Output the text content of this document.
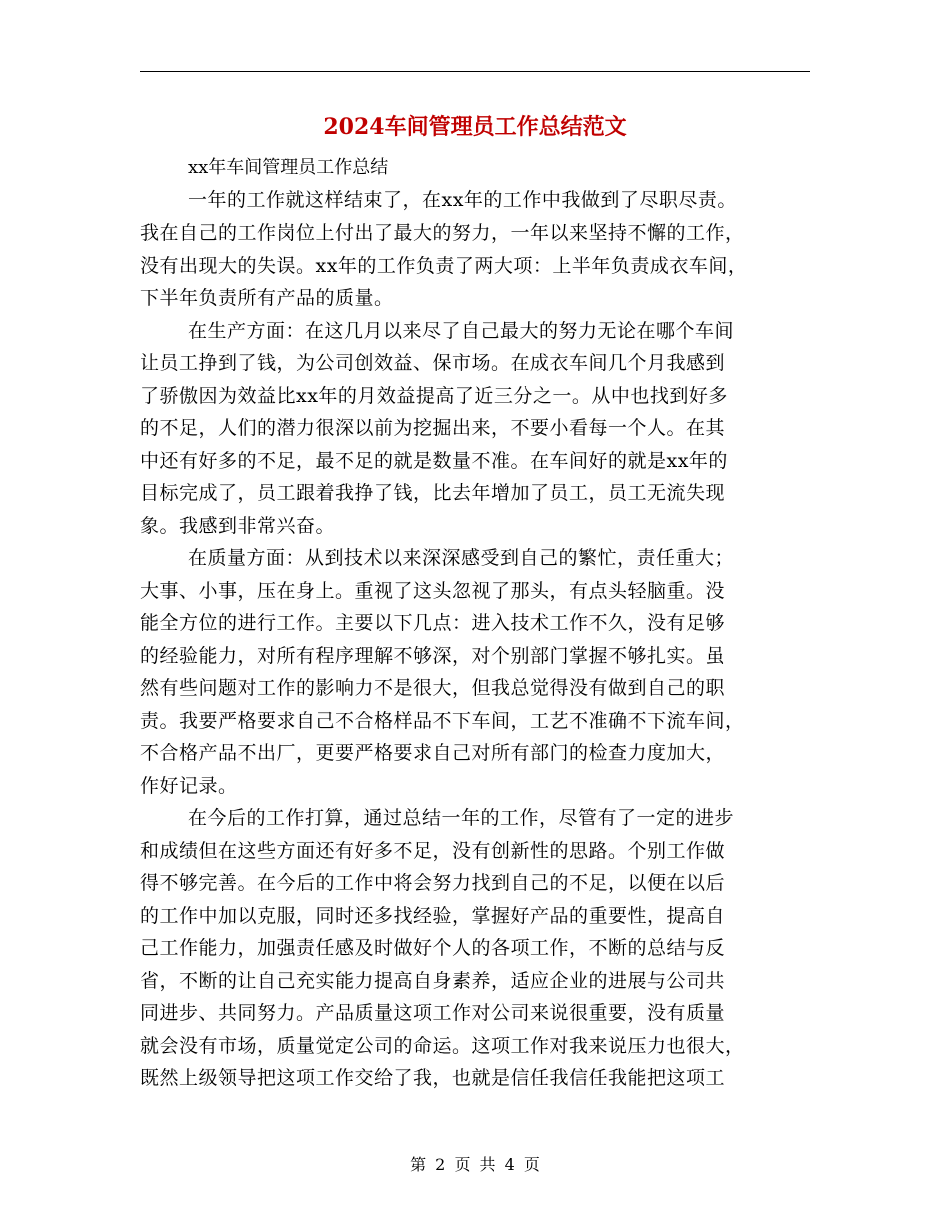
2024车间管理员工作总结范文
xx年车间管理员工作总结
一年的工作就这样结束了，在xx年的工作中我做到了尽职尽责。
我在自己的工作岗位上付出了最大的努力，一年以来坚持不懈的工作，
没有出现大的失误。xx年的工作负责了两大项：上半年负责成衣车间，
下半年负责所有产品的质量。
在生产方面：在这几月以来尽了自己最大的努力无论在哪个车间
让员工挣到了钱，为公司创效益、保市场。在成衣车间几个月我感到
了骄傲因为效益比xx年的月效益提高了近三分之一。从中也找到好多
的不足，人们的潜力很深以前为挖掘出来，不要小看每一个人。在其
中还有好多的不足，最不足的就是数量不准。在车间好的就是xx年的
目标完成了，员工跟着我挣了钱，比去年增加了员工，员工无流失现
象。我感到非常兴奋。
在质量方面：从到技术以来深深感受到自己的繁忙，责任重大；
大事、小事，压在身上。重视了这头忽视了那头，有点头轻脑重。没
能全方位的进行工作。主要以下几点：进入技术工作不久，没有足够
的经验能力，对所有程序理解不够深，对个别部门掌握不够扎实。虽
然有些问题对工作的影响力不是很大，但我总觉得没有做到自己的职
责。我要严格要求自己不合格样品不下车间，工艺不准确不下流车间，
不合格产品不出厂，更要严格要求自己对所有部门的检查力度加大，
作好记录。
在今后的工作打算，通过总结一年的工作，尽管有了一定的进步
和成绩但在这些方面还有好多不足，没有创新性的思路。个别工作做
得不够完善。在今后的工作中将会努力找到自己的不足，以便在以后
的工作中加以克服，同时还多找经验，掌握好产品的重要性，提高自
己工作能力，加强责任感及时做好个人的各项工作，不断的总结与反
省，不断的让自己充实能力提高自身素养，适应企业的进展与公司共
同进步、共同努力。产品质量这项工作对公司来说很重要，没有质量
就会没有市场，质量觉定公司的命运。这项工作对我来说压力也很大，
既然上级领导把这项工作交给了我，也就是信任我信任我能把这项工
第 2 页 共 4 页
